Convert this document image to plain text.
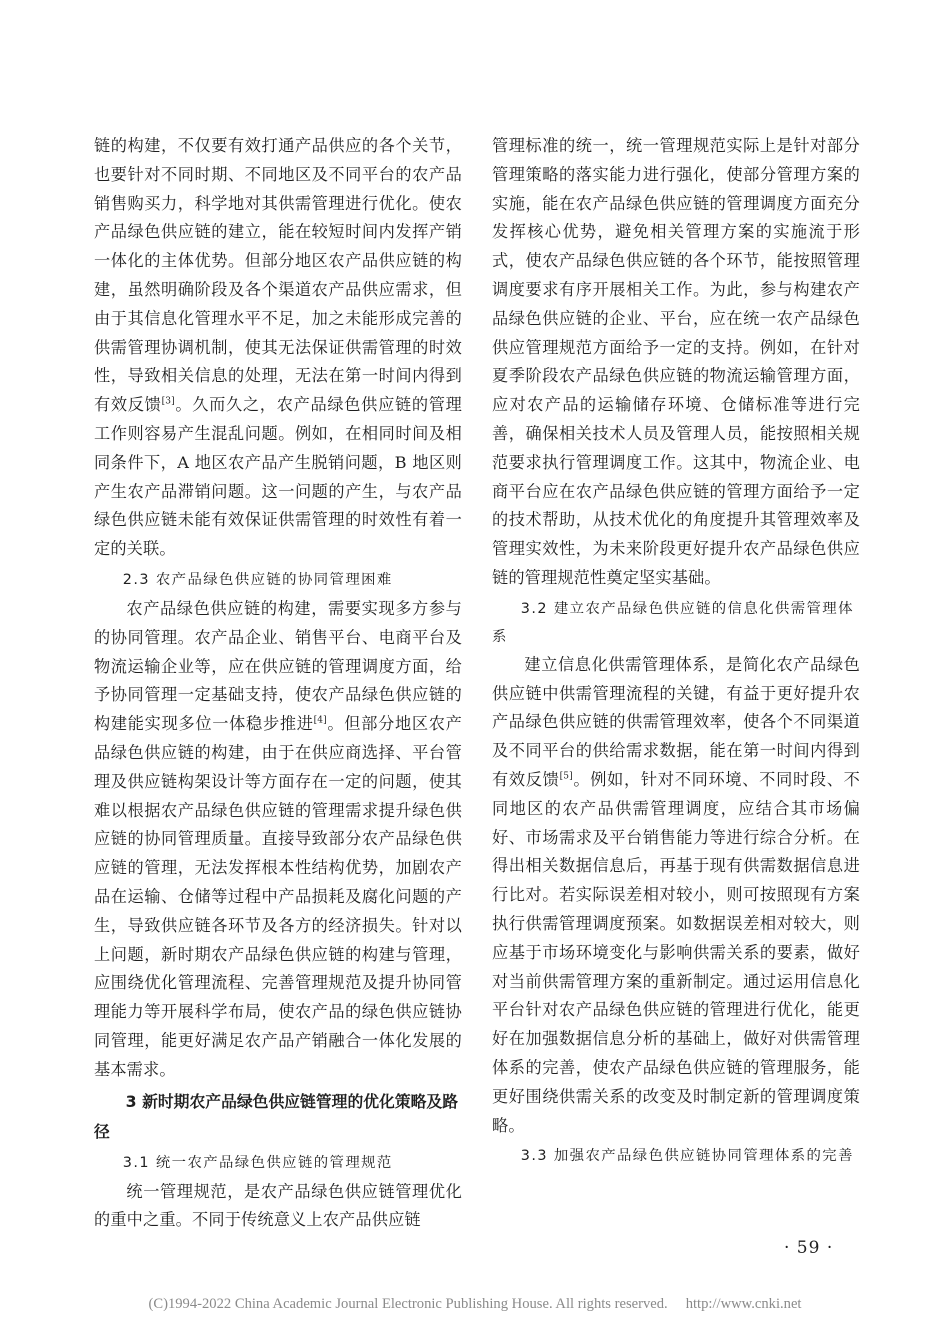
链的构建，不仅要有效打通产品供应的各个关节，也要针对不同时期、不同地区及不同平台的农产品销售购买力，科学地对其供需管理进行优化。使农产品绿色供应链的建立，能在较短时间内发挥产销一体化的主体优势。但部分地区农产品供应链的构建，虽然明确阶段及各个渠道农产品供应需求，但由于其信息化管理水平不足，加之未能形成完善的供需管理协调机制，使其无法保证供需管理的时效性，导致相关信息的处理，无法在第一时间内得到有效反馈[3]。久而久之，农产品绿色供应链的管理工作则容易产生混乱问题。例如，在相同时间及相同条件下，A 地区农产品产生脱销问题，B 地区则产生农产品滞销问题。这一问题的产生，与农产品绿色供应链未能有效保证供需管理的时效性有着一定的关联。

2.3 农产品绿色供应链的协同管理困难

农产品绿色供应链的构建，需要实现多方参与的协同管理。农产品企业、销售平台、电商平台及物流运输企业等，应在供应链的管理调度方面，给予协同管理一定基础支持，使农产品绿色供应链的构建能实现多位一体稳步推进[4]。但部分地区农产品绿色供应链的构建，由于在供应商选择、平台管理及供应链构架设计等方面存在一定的问题，使其难以根据农产品绿色供应链的管理需求提升绿色供应链的协同管理质量。直接导致部分农产品绿色供应链的管理，无法发挥根本性结构优势，加剧农产品在运输、仓储等过程中产品损耗及腐化问题的产生，导致供应链各环节及各方的经济损失。针对以上问题，新时期农产品绿色供应链的构建与管理，应围绕优化管理流程、完善管理规范及提升协同管理能力等开展科学布局，使农产品的绿色供应链协同管理，能更好满足农产品产销融合一体化发展的基本需求。

3 新时期农产品绿色供应链管理的优化策略及路径
3.1 统一农产品绿色供应链的管理规范

统一管理规范，是农产品绿色供应链管理优化的重中之重。不同于传统意义上农产品供应链

管理标准的统一，统一管理规范实际上是针对部分管理策略的落实能力进行强化，使部分管理方案的实施，能在农产品绿色供应链的管理调度方面充分发挥核心优势，避免相关管理方案的实施流于形式，使农产品绿色供应链的各个环节，能按照管理调度要求有序开展相关工作。为此，参与构建农产品绿色供应链的企业、平台，应在统一农产品绿色供应管理规范方面给予一定的支持。例如，在针对夏季阶段农产品绿色供应链的物流运输管理方面，应对农产品的运输储存环境、仓储标准等进行完善，确保相关技术人员及管理人员，能按照相关规范要求执行管理调度工作。这其中，物流企业、电商平台应在农产品绿色供应链的管理方面给予一定的技术帮助，从技术优化的角度提升其管理效率及管理实效性，为未来阶段更好提升农产品绿色供应链的管理规范性奠定坚实基础。

3.2 建立农产品绿色供应链的信息化供需管理体系

建立信息化供需管理体系，是简化农产品绿色供应链中供需管理流程的关键，有益于更好提升农产品绿色供应链的供需管理效率，使各个不同渠道及不同平台的供给需求数据，能在第一时间内得到有效反馈[5]。例如，针对不同环境、不同时段、不同地区的农产品供需管理调度，应结合其市场偏好、市场需求及平台销售能力等进行综合分析。在得出相关数据信息后，再基于现有供需数据信息进行比对。若实际误差相对较小，则可按照现有方案执行供需管理调度预案。如数据误差相对较大，则应基于市场环境变化与影响供需关系的要素，做好对当前供需管理方案的重新制定。通过运用信息化平台针对农产品绿色供应链的管理进行优化，能更好在加强数据信息分析的基础上，做好对供需管理体系的完善，使农产品绿色供应链的管理服务，能更好围绕供需关系的改变及时制定新的管理调度策略。

3.3 加强农产品绿色供应链协同管理体系的完善
· 59 ·
(C)1994-2022 China Academic Journal Electronic Publishing House. All rights reserved. http://www.cnki.net
